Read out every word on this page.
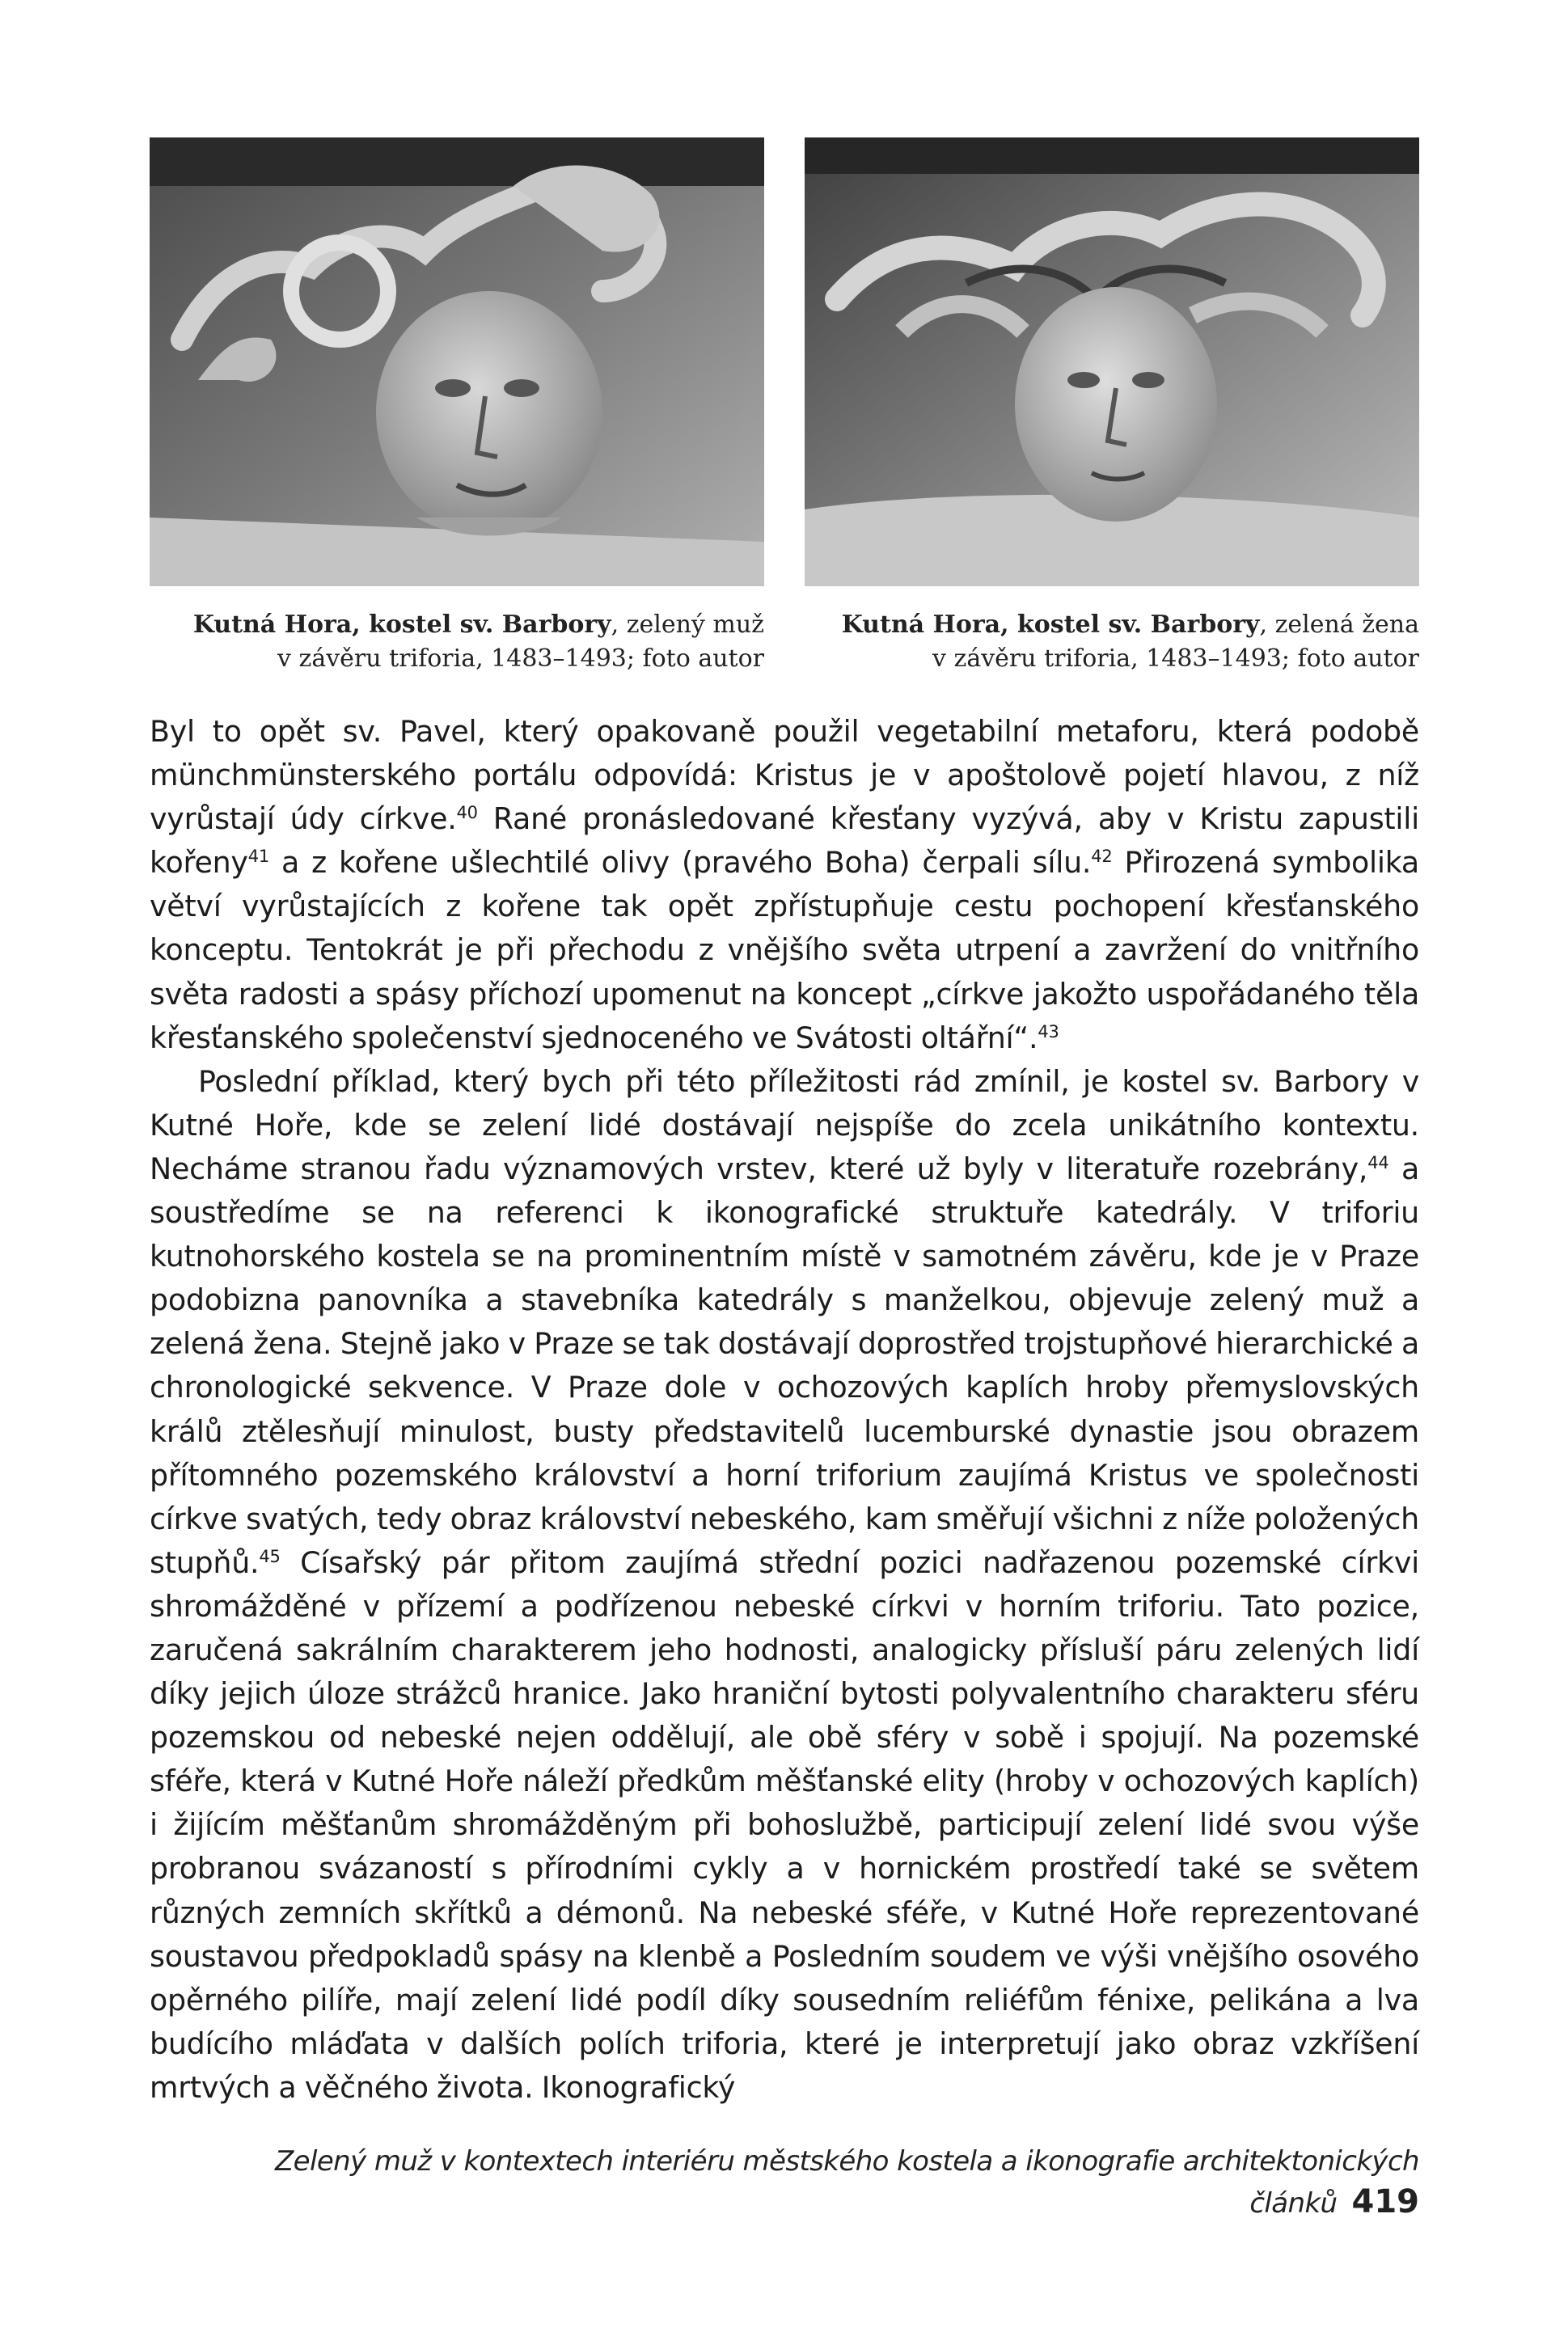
Kutná Hora, kostel sv. Barbory, zelený muž
v závěru triforia, 1483–1493; foto autor
Kutná Hora, kostel sv. Barbory, zelená žena
v závěru triforia, 1483–1493; foto autor

Byl to opět sv. Pavel, který opakovaně použil vegetabilní metaforu, která podobě münchmünsterského portálu odpovídá: Kristus je v apoštolově pojetí hlavou, z níž vyrůstají údy církve.$^{40}$ Rané pronásledované křesťany vyzývá, aby v Kristu zapustili kořeny$^{41}$ a z kořene ušlechtilé olivy (pravého Boha) čerpali sílu.$^{42}$ Přirozená symbolika větví vyrůstajících z kořene tak opět zpřístupňuje cestu pochopení křesťanského konceptu. Tentokrát je při přechodu z vnějšího světa utrpení a zavržení do vnitřního světa radosti a spásy příchozí upomenut na koncept „církve jakožto uspořádaného těla křesťanského společenství sjednoceného ve Svátosti oltářní“.$^{43}$

Poslední příklad, který bych při této příležitosti rád zmínil, je kostel sv. Barbory v Kutné Hoře, kde se zelení lidé dostávají nejspíše do zcela unikátního kontextu. Necháme stranou řadu významových vrstev, které už byly v literatuře rozebrány,$^{44}$ a soustředíme se na referenci k ikonografické struktuře katedrály. V triforiu kutnohorského kostela se na prominentním místě v samotném závěru, kde je v Praze podobizna panovníka a stavebníka katedrály s manželkou, objevuje zelený muž a zelená žena. Stejně jako v Praze se tak dostávají doprostřed trojstupňové hierarchické a chronologické sekvence. V Praze dole v ochozových kaplích hroby přemyslovských králů ztělesňují minulost, busty představitelů lucemburské dynastie jsou obrazem přítomného pozemského království a horní triforium zaujímá Kristus ve společnosti církve svatých, tedy obraz království nebeského, kam směřují všichni z níže položených stupňů.$^{45}$ Císařský pár přitom zaujímá střední pozici nadřazenou pozemské církvi shromážděné v přízemí a podřízenou nebeské církvi v horním triforiu. Tato pozice, zaručená sakrálním charakterem jeho hodnosti, analogicky přísluší páru zelených lidí díky jejich úloze strážců hranice. Jako hraniční bytosti polyvalentního charakteru sféru pozemskou od nebeské nejen oddělují, ale obě sféry v sobě i spojují. Na pozemské sféře, která v Kutné Hoře náleží předkům měšťanské elity (hroby v ochozových kaplích) i žijícím měšťanům shromážděným při bohoslužbě, participují zelení lidé svou výše probranou svázaností s přírodními cykly a v hornickém prostředí také se světem různých zemních skřítků a démonů. Na nebeské sféře, v Kutné Hoře reprezentované soustavou předpokladů spásy na klenbě a Posledním soudem ve výši vnějšího osového opěrného pilíře, mají zelení lidé podíl díky sousedním reliéfům fénixe, pelikána a lva budícího mláďata v dalších polích triforia, které je interpretují jako obraz vzkříšení mrtvých a věčného života. Ikonografický

Zelený muž v kontextech interiéru městského kostela a ikonografie architektonických článků 419
